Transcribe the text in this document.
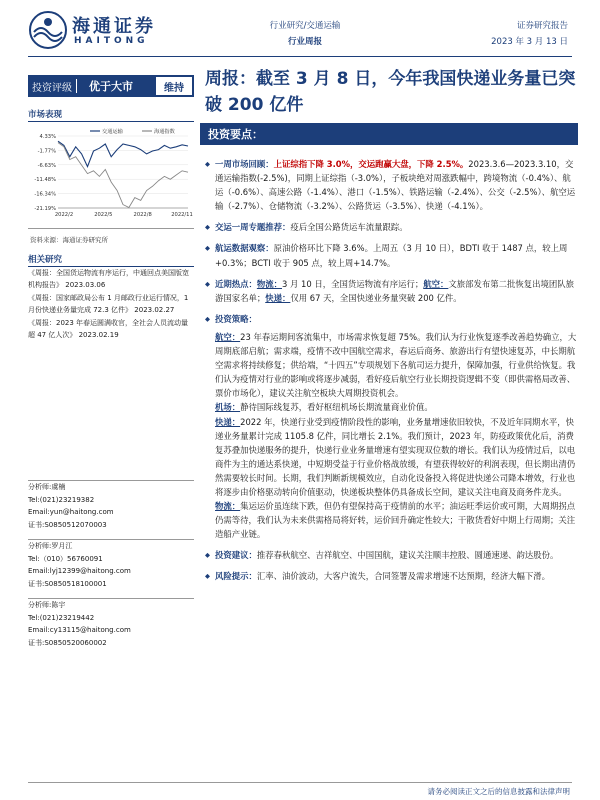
海通证券
HAITONG
行业研究/交通运输
行业周报
证券研究报告
2023 年 3 月 13 日
投资评级	优于大市	维持
市场表现
4.33%
-1.77%
-6.63%
-11.48%
-16.34%
-21.19%
2022/2	2022/5	2022/8	2022/11
交通运输	海通指数
资料来源：海通证券研究所
相关研究
《周报：全国货运物流有序运行，中通回点美国版宽机构报告》 2023.03.06
《周报：国家邮政局公布 1 月邮政行业运行情况，1 月份快递业务量完成 72.3 亿件》 2023.02.27
《周报：2023 年春运圆满收官，全社会人员流动量超 47 亿人次》 2023.02.19
分析师:虞楠
Tel:(021)23219382
Email:yun@haitong.com
证书:S0850512070003
分析师:罗月江
Tel:（010）56760091
Email:lyj12399@haitong.com
证书:S0850518100001
分析师:陈宇
Tel:(021)23219442
Email:cy13115@haitong.com
证书:S0850520060002
周报：截至 3 月 8 日，今年我国快递业务量已突破 200 亿件
投资要点：
◆ 一周市场回顾：上证综指下降 3.0%，交运跑赢大盘，下降 2.5%。2023.3.6—2023.3.10，交通运输指数(-2.5%)，同期上证综指（-3.0%），子板块绝对周涨跌幅中，跨境物流（-0.4%）、航运（-0.6%）、高速公路（-1.4%）、港口（-1.5%）、铁路运输（-2.4%）、公交（-2.5%）、航空运输（-2.7%）、仓储物流（-3.2%）、公路货运（-3.5%）、快递（-4.1%）。
◆ 交运一周专题推荐：疫后全国公路货运车流量跟踪。
◆ 航运数据观察：原油价格环比下降 3.6%。上周五（3 月 10 日），BDTI 收于 1487 点，较上周+0.3%；BCTI 收于 905 点，较上周+14.7%。
◆ 近期热点：物流：3 月 10 日，全国货运物流有序运行；航空：文旅部发布第二批恢复出境团队旅游国家名单；快递：仅用 67 天，全国快递业务量突破 200 亿件。
◆ 投资策略：

航空：23 年春运期间客流集中，市场需求恢复超 75%。我们认为行业恢复逐季改善趋势确立，大周期底部启航；需求端，疫情不改中国航空需求，春运后商务、旅游出行有望快速复苏，中长期航空需求将持续修复；供给端，“十四五”专项规划下各航司运力提升，保障加强，行业供给恢复。我们认为疫情对行业的影响或将逐步减弱，看好疫后航空行业长期投资逻辑不变（即供需格局改善、票价市场化），建议关注航空板块大周期投资机会。

机场：静待国际线复苏，看好枢纽机场长期流量商业价值。

快递：2022 年，快递行业受到疫情阶段性的影响，业务量增速依旧较快，不及近年同期水平，快递业务量累计完成 1105.8 亿件，同比增长 2.1%。我们预计，2023 年，防疫政策优化后，消费复苏叠加快递服务的提升，快递行业业务量增速有望实现双位数的增长。我们认为疫情过后，以电商件为主的通达系快递，中短期受益于行业价格战放缓，有望获得较好的利润表现，但长期出清仍然需要较长时间。长期，我们判断新规模效应，自动化设备投入将促进快递公司降本增效，行业也将逐步由价格驱动转向价值驱动，快递板块整体仍具备成长空间，建议关注电商及商务件龙头。

物流：集运运价虽连续下跌，但仍有望保持高于疫情前的水平；油运旺季运价或可期，大周期拐点仍需等待，我们认为未来供需格局将好转，运价回升确定性较大；干散货看好中期上行周期；关注造船产业链。

◆ 投资建议：推荐春秋航空、吉祥航空、中国国航，建议关注顺丰控股、圆通速递、韵达股份。
◆ 风险提示：汇率、油价波动，大客户流失，合同签署及需求增速不达预期，经济大幅下滑。
请务必阅读正文之后的信息披露和法律声明
